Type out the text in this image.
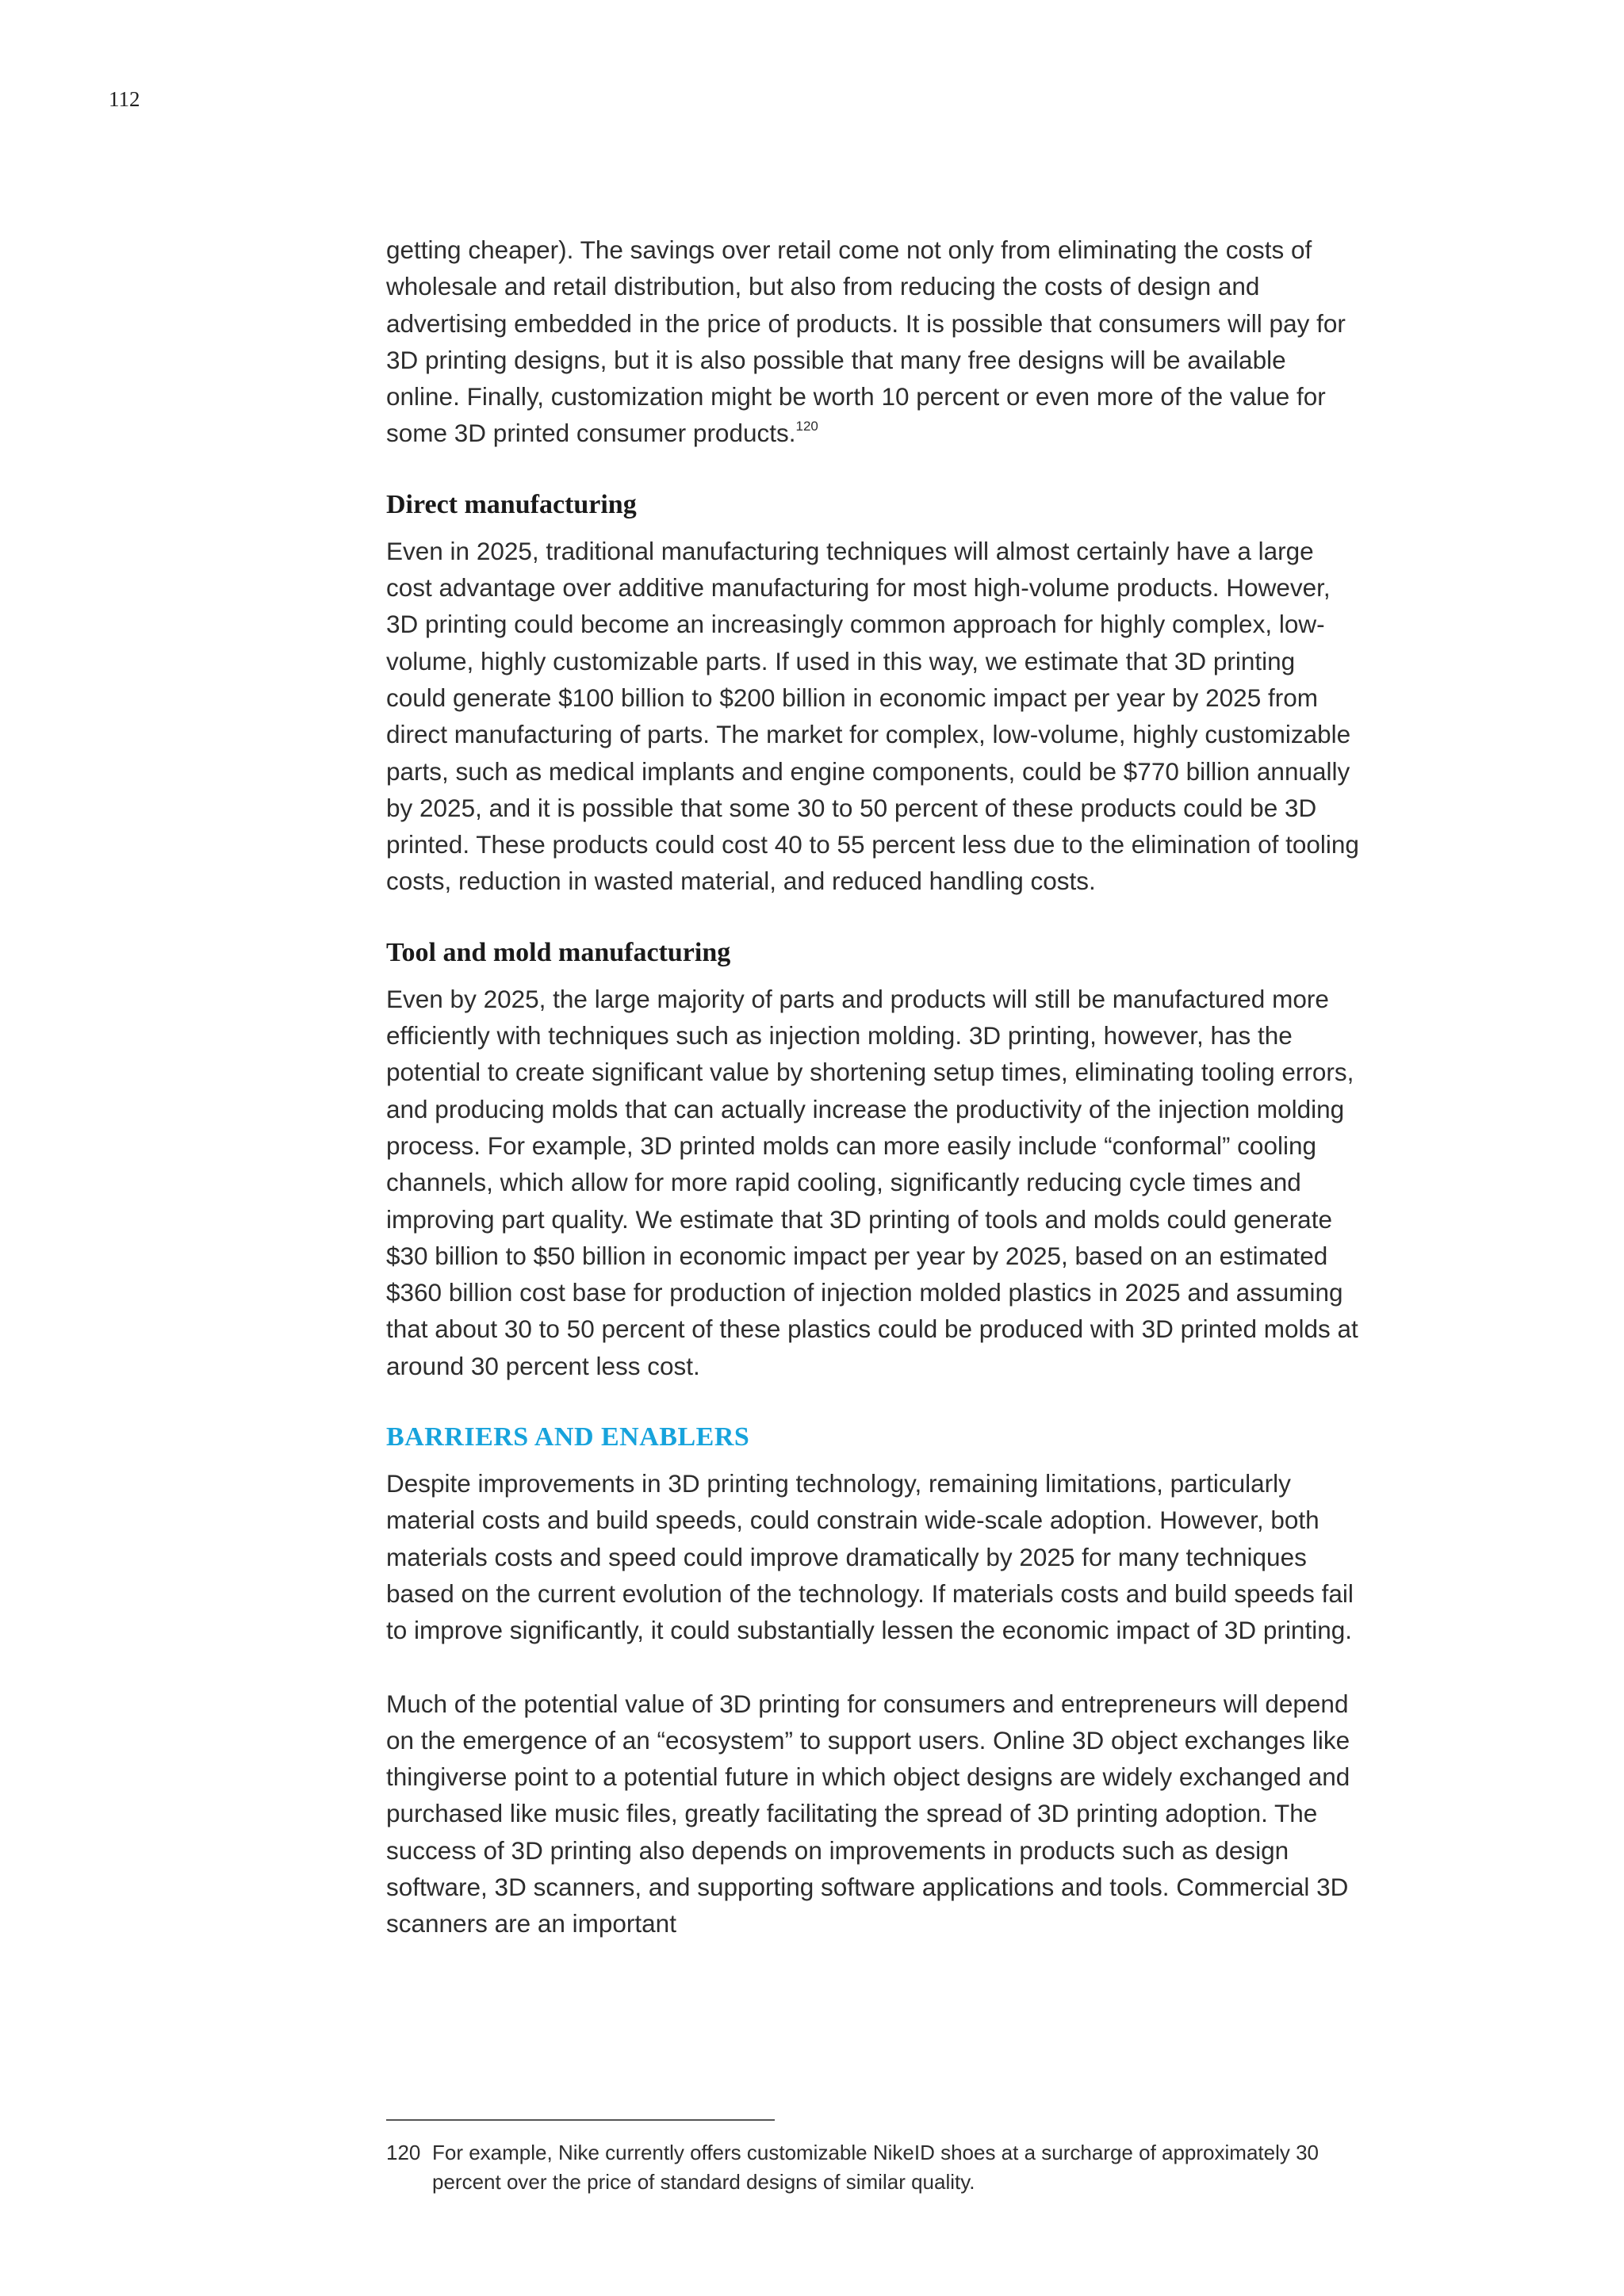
112

getting cheaper). The savings over retail come not only from eliminating the costs of wholesale and retail distribution, but also from reducing the costs of design and advertising embedded in the price of products. It is possible that consumers will pay for 3D printing designs, but it is also possible that many free designs will be available online. Finally, customization might be worth 10 percent or even more of the value for some 3D printed consumer products.$^{120}$

Direct manufacturing

Even in 2025, traditional manufacturing techniques will almost certainly have a large cost advantage over additive manufacturing for most high-volume products. However, 3D printing could become an increasingly common approach for highly complex, low-volume, highly customizable parts. If used in this way, we estimate that 3D printing could generate $100 billion to $200 billion in economic impact per year by 2025 from direct manufacturing of parts. The market for complex, low-volume, highly customizable parts, such as medical implants and engine components, could be $770 billion annually by 2025, and it is possible that some 30 to 50 percent of these products could be 3D printed. These products could cost 40 to 55 percent less due to the elimination of tooling costs, reduction in wasted material, and reduced handling costs.

Tool and mold manufacturing

Even by 2025, the large majority of parts and products will still be manufactured more efficiently with techniques such as injection molding. 3D printing, however, has the potential to create significant value by shortening setup times, eliminating tooling errors, and producing molds that can actually increase the productivity of the injection molding process. For example, 3D printed molds can more easily include “conformal” cooling channels, which allow for more rapid cooling, significantly reducing cycle times and improving part quality. We estimate that 3D printing of tools and molds could generate $30 billion to $50 billion in economic impact per year by 2025, based on an estimated $360 billion cost base for production of injection molded plastics in 2025 and assuming that about 30 to 50 percent of these plastics could be produced with 3D printed molds at around 30 percent less cost.

BARRIERS AND ENABLERS

Despite improvements in 3D printing technology, remaining limitations, particularly material costs and build speeds, could constrain wide-scale adoption. However, both materials costs and speed could improve dramatically by 2025 for many techniques based on the current evolution of the technology. If materials costs and build speeds fail to improve significantly, it could substantially lessen the economic impact of 3D printing.

Much of the potential value of 3D printing for consumers and entrepreneurs will depend on the emergence of an “ecosystem” to support users. Online 3D object exchanges like thingiverse point to a potential future in which object designs are widely exchanged and purchased like music files, greatly facilitating the spread of 3D printing adoption. The success of 3D printing also depends on improvements in products such as design software, 3D scanners, and supporting software applications and tools. Commercial 3D scanners are an important

120 For example, Nike currently offers customizable NikeID shoes at a surcharge of approximately 30 percent over the price of standard designs of similar quality.
